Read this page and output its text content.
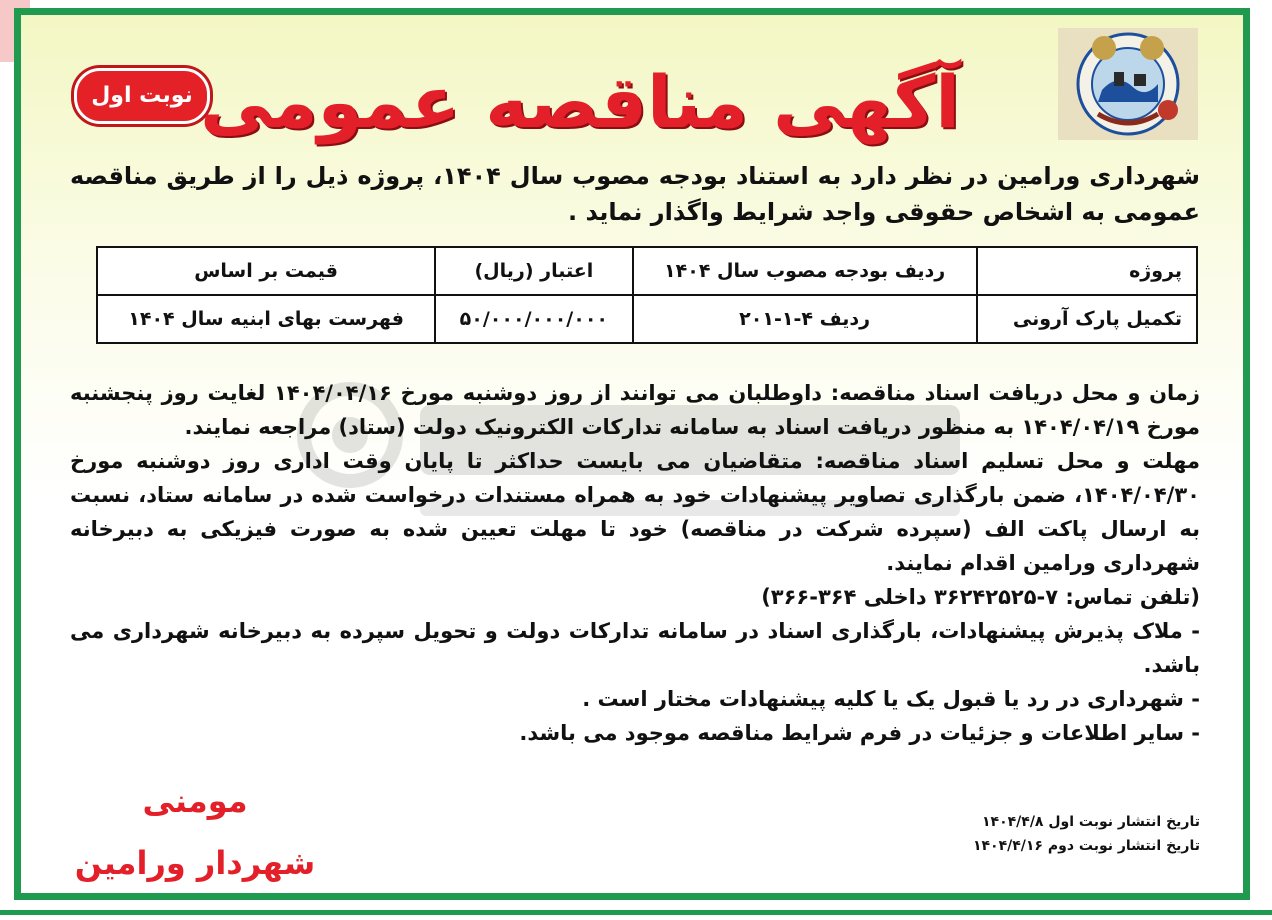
نوبت اول آگهی مناقصه عمومی
شهرداری ورامین در نظر دارد به استناد بودجه مصوب سال ۱۴۰۴، پروژه ذیل را از طریق مناقصه عمومی به اشخاص حقوقی واجد شرایط واگذار نماید .
پروژه	ردیف بودجه مصوب سال ۱۴۰۴	اعتبار (ریال)	قیمت بر اساس
تکمیل پارک آرونی	ردیف ۴-۱-۲۰۱	۵۰/۰۰۰/۰۰۰/۰۰۰	فهرست بهای ابنیه سال ۱۴۰۴

زمان و محل دریافت اسناد مناقصه: داوطلبان می توانند از روز دوشنبه مورخ ۱۴۰۴/۰۴/۱۶ لغایت روز پنجشنبه مورخ ۱۴۰۴/۰۴/۱۹ به منظور دریافت اسناد به سامانه تدارکات الکترونیک دولت (ستاد) مراجعه نمایند.

مهلت و محل تسلیم اسناد مناقصه: متقاضیان می بایست حداکثر تا پایان وقت اداری روز دوشنبه مورخ ۱۴۰۴/۰۴/۳۰، ضمن بارگذاری تصاویر پیشنهادات خود به همراه مستندات درخواست شده در سامانه ستاد، نسبت به ارسال پاکت الف (سپرده شرکت در مناقصه) خود تا مهلت تعیین شده به صورت فیزیکی به دبیرخانه شهرداری ورامین اقدام نمایند.

(تلفن تماس: ۷-۳۶۲۴۲۵۲۵ داخلی ۳۶۴-۳۶۶)

- ملاک پذیرش پیشنهادات، بارگذاری اسناد در سامانه تدارکات دولت و تحویل سپرده به دبیرخانه شهرداری می باشد.

- شهرداری در رد یا قبول یک یا کلیه پیشنهادات مختار است .

- سایر اطلاعات و جزئیات در فرم شرایط مناقصه موجود می باشد.

تاریخ انتشار نوبت اول ۱۴۰۴/۴/۸
تاریخ انتشار نوبت دوم ۱۴۰۴/۴/۱۶
مومنی
شهردار ورامین
